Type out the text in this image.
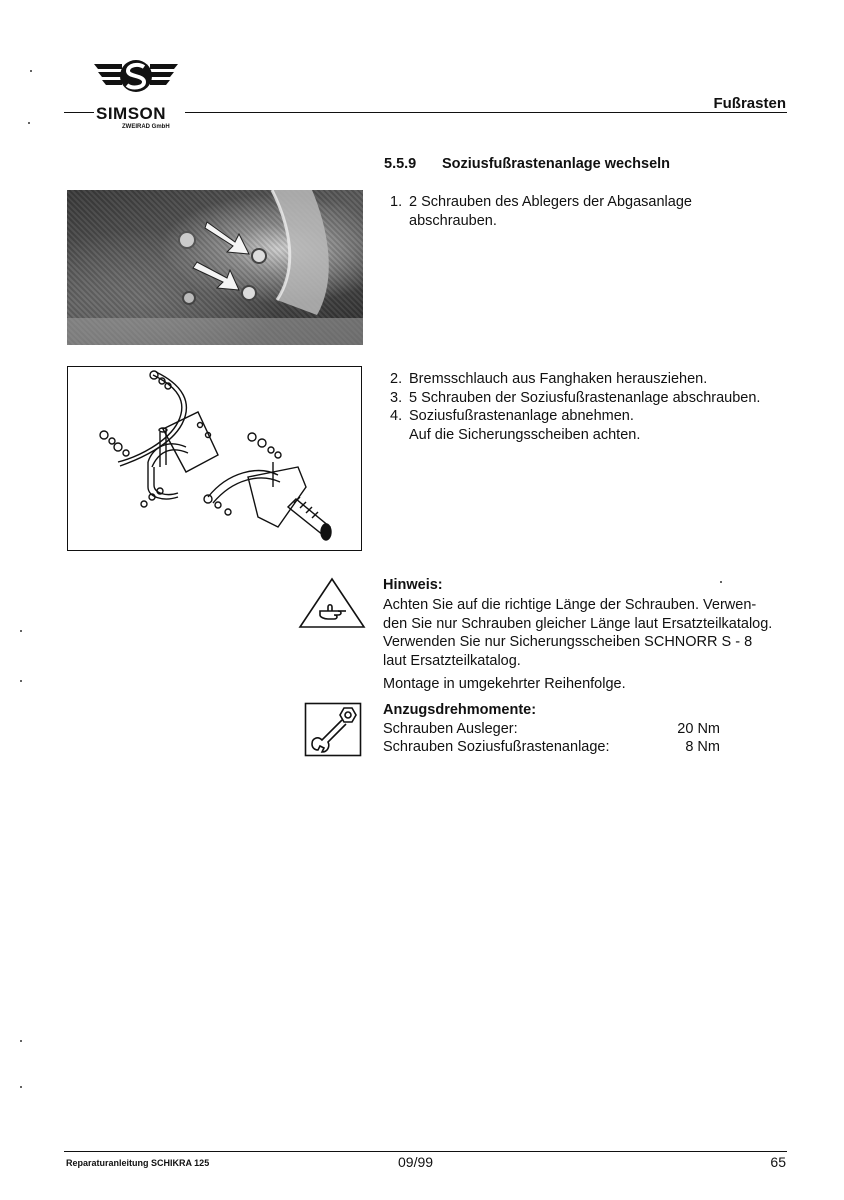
SIMSON
ZWEIRAD GmbH
Fußrasten
5.5.9 Soziusfußrastenanlage wechseln
1. 2 Schrauben des Ablegers der Abgasanlage
abschrauben.
2. Bremsschlauch aus Fanghaken herausziehen.
3. 5 Schrauben der Soziusfußrastenanlage abschrauben.
4. Soziusfußrastenanlage abnehmen.
Auf die Sicherungsscheiben achten.
Hinweis:
Achten Sie auf die richtige Länge der Schrauben. Verwen-
den Sie nur Schrauben gleicher Länge laut Ersatzteilkatalog.
Verwenden Sie nur Sicherungsscheiben SCHNORR S - 8
laut Ersatzteilkatalog.
Montage in umgekehrter Reihenfolge.
Anzugsdrehmomente:
Schrauben Ausleger:	20 Nm
Schrauben Soziusfußrastenanlage:	8 Nm
Reparaturanleitung SCHIKRA 125	09/99	65
